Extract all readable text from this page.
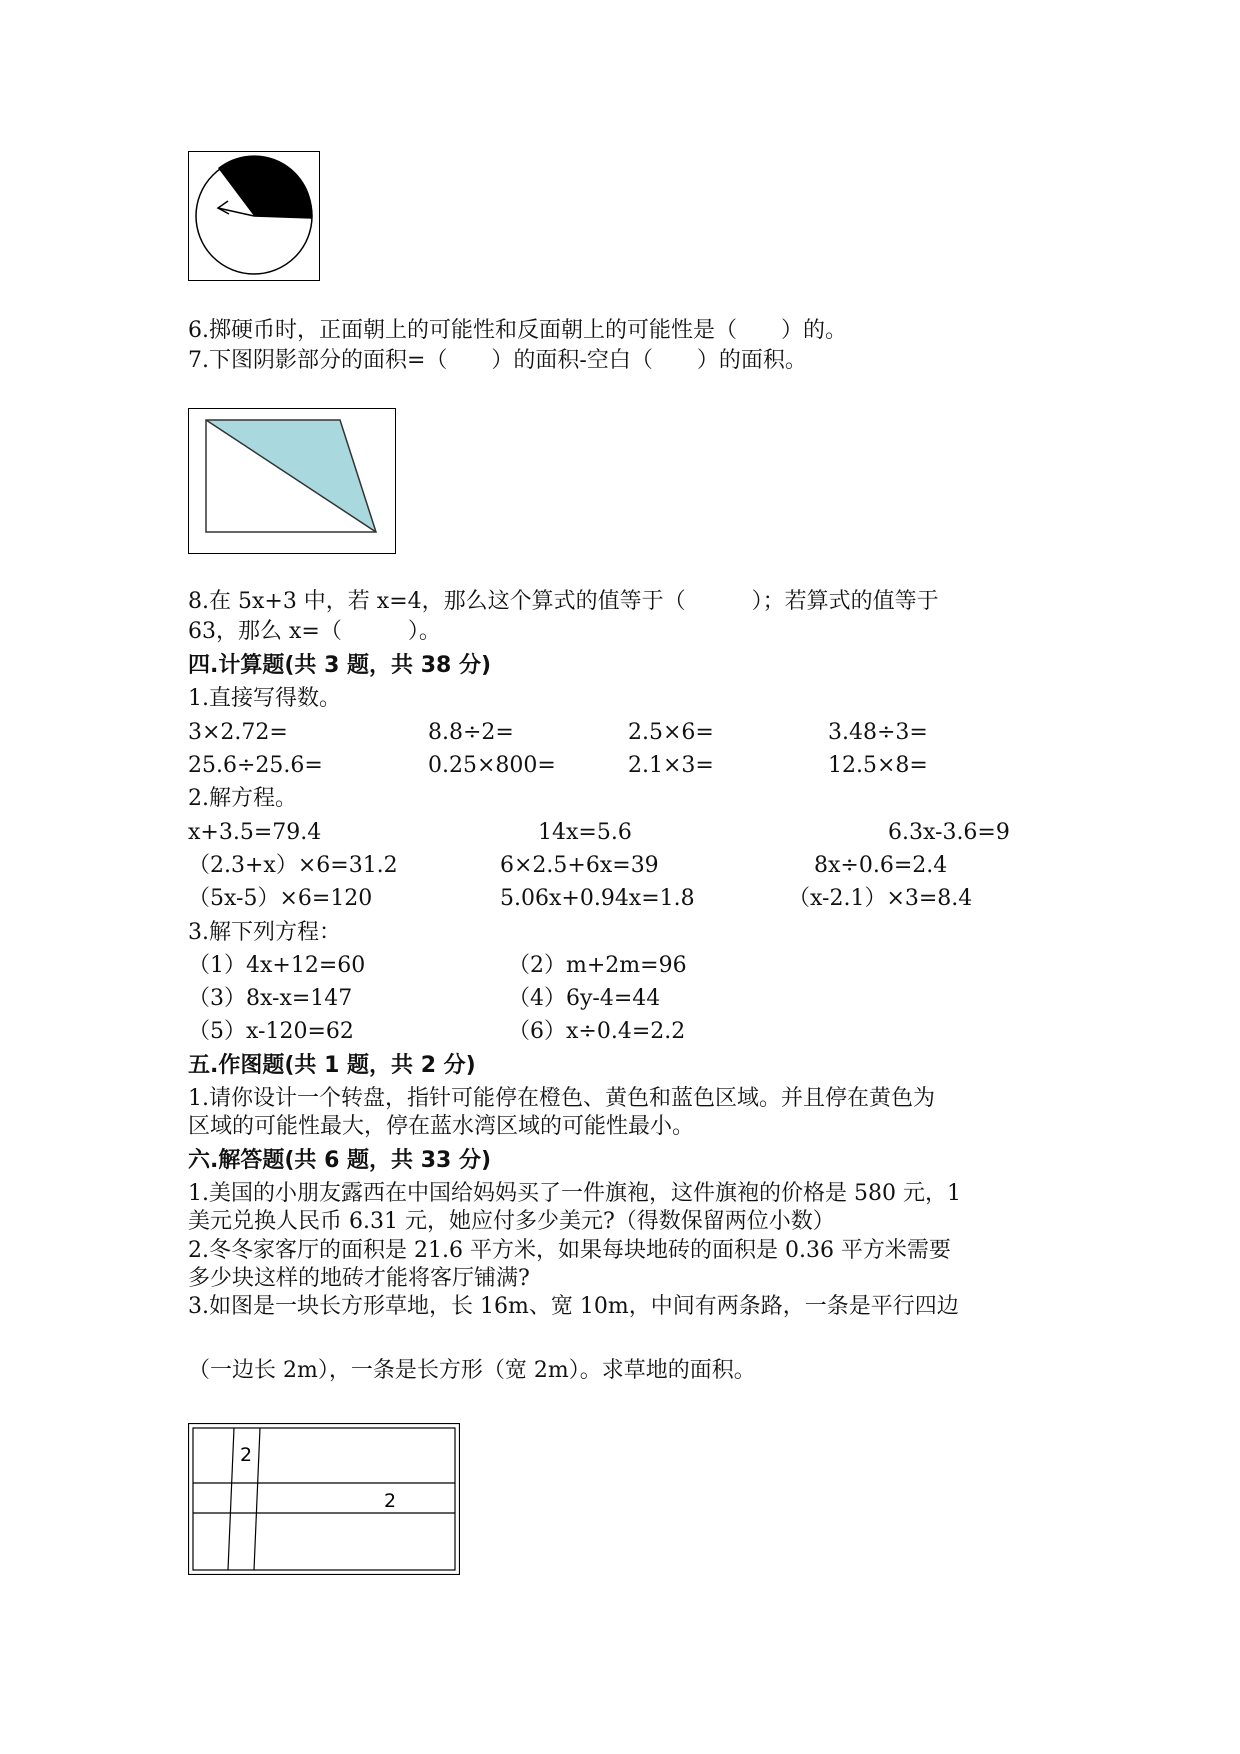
6.掷硬币时，正面朝上的可能性和反面朝上的可能性是（　　）的。
7.下图阴影部分的面积=（　　）的面积-空白（　　）的面积。
8.在 5x+3 中，若 x=4，那么这个算式的值等于（　　　）；若算式的值等于
63，那么 x=（　　　）。
四.计算题(共 3 题，共 38 分)
1.直接写得数。
3×2.72=	8.8÷2=	2.5×6=	3.48÷3=
25.6÷25.6=	0.25×800=	2.1×3=	12.5×8=
2.解方程。
x+3.5=79.4	14x=5.6	6.3x-3.6=9
（2.3+x）×6=31.2	6×2.5+6x=39	8x÷0.6=2.4
（5x-5）×6=120	5.06x+0.94x=1.8	（x-2.1）×3=8.4
3.解下列方程：
（1）4x+12=60	（2）m+2m=96
（3）8x-x=147	（4）6y-4=44
（5）x-120=62	（6）x÷0.4=2.2
五.作图题(共 1 题，共 2 分)
1.请你设计一个转盘，指针可能停在橙色、黄色和蓝色区域。并且停在黄色为
区域的可能性最大，停在蓝水湾区域的可能性最小。
六.解答题(共 6 题，共 33 分)
1.美国的小朋友露西在中国给妈妈买了一件旗袍，这件旗袍的价格是 580 元，1
美元兑换人民币 6.31 元，她应付多少美元?（得数保留两位小数）
2.冬冬家客厅的面积是 21.6 平方米，如果每块地砖的面积是 0.36 平方米需要
多少块这样的地砖才能将客厅铺满?
3.如图是一块长方形草地，长 16m、宽 10m，中间有两条路，一条是平行四边
（一边长 2m），一条是长方形（宽 2m）。求草地的面积。
2
2
